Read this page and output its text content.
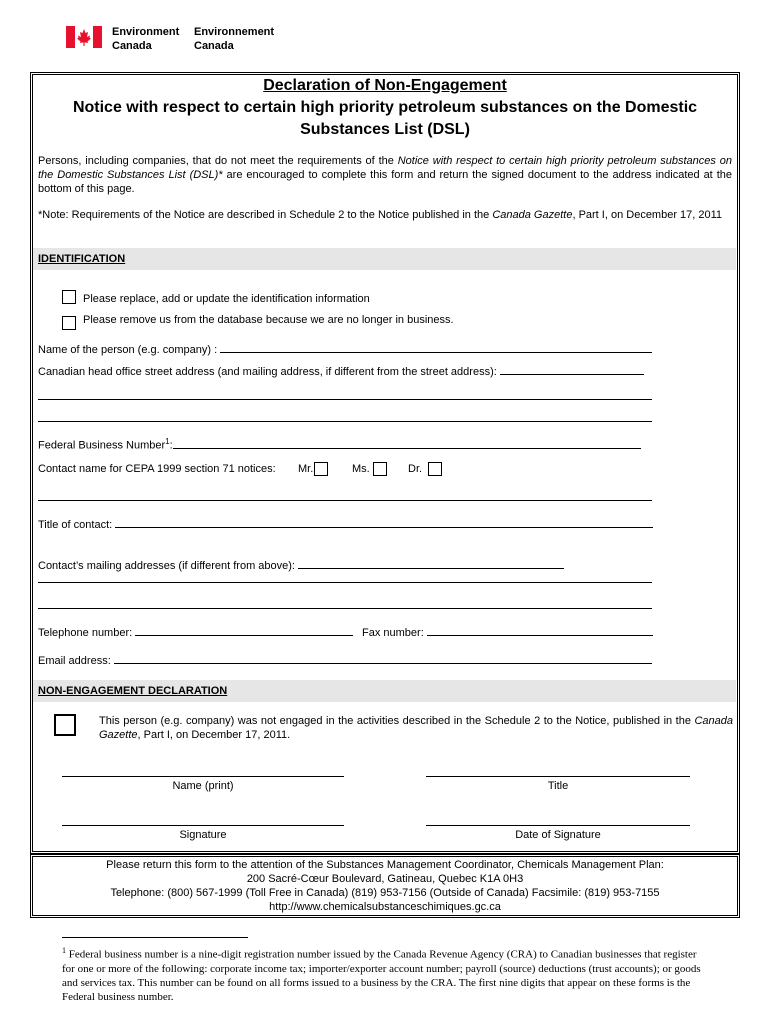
Environment
Canada
Environnement
Canada
Declaration of Non-Engagement
Notice with respect to certain high priority petroleum substances on the Domestic
Substances List (DSL)
Persons, including companies, that do not meet the requirements of the Notice with respect to certain high priority petroleum substances on the Domestic Substances List (DSL)* are encouraged to complete this form and return the signed document to the address indicated at the bottom of this page.
*Note: Requirements of the Notice are described in Schedule 2 to the Notice published in the Canada Gazette, Part I, on December 17, 2011
IDENTIFICATION
Please replace, add or update the identification information
Please remove us from the database because we are no longer in business.
Name of the person (e.g. company) :
Canadian head office street address (and mailing address, if different from the street address):
Federal Business Number$^1$:
Contact name for CEPA 1999 section 71 notices: Mr.	Ms.	Dr.
Title of contact:
Contact’s mailing addresses (if different from above):
Telephone number:	Fax number:
Email address:
NON-ENGAGEMENT DECLARATION
This person (e.g. company) was not engaged in the activities described in the Schedule 2 to the Notice, published in the Canada Gazette, Part I, on December 17, 2011.
Name (print)	Title
Signature	Date of Signature
Please return this form to the attention of the Substances Management Coordinator, Chemicals Management Plan:
200 Sacré-Cœur Boulevard, Gatineau, Quebec K1A 0H3
Telephone: (800) 567-1999 (Toll Free in Canada) (819) 953-7156 (Outside of Canada) Facsimile: (819) 953-7155
http://www.chemicalsubstanceschimiques.gc.ca
$^1$ Federal business number is a nine-digit registration number issued by the Canada Revenue Agency (CRA) to Canadian businesses that register for one or more of the following: corporate income tax; importer/exporter account number; payroll (source) deductions (trust accounts); or goods and services tax. This number can be found on all forms issued to a business by the CRA. The first nine digits that appear on these forms is the Federal business number.
